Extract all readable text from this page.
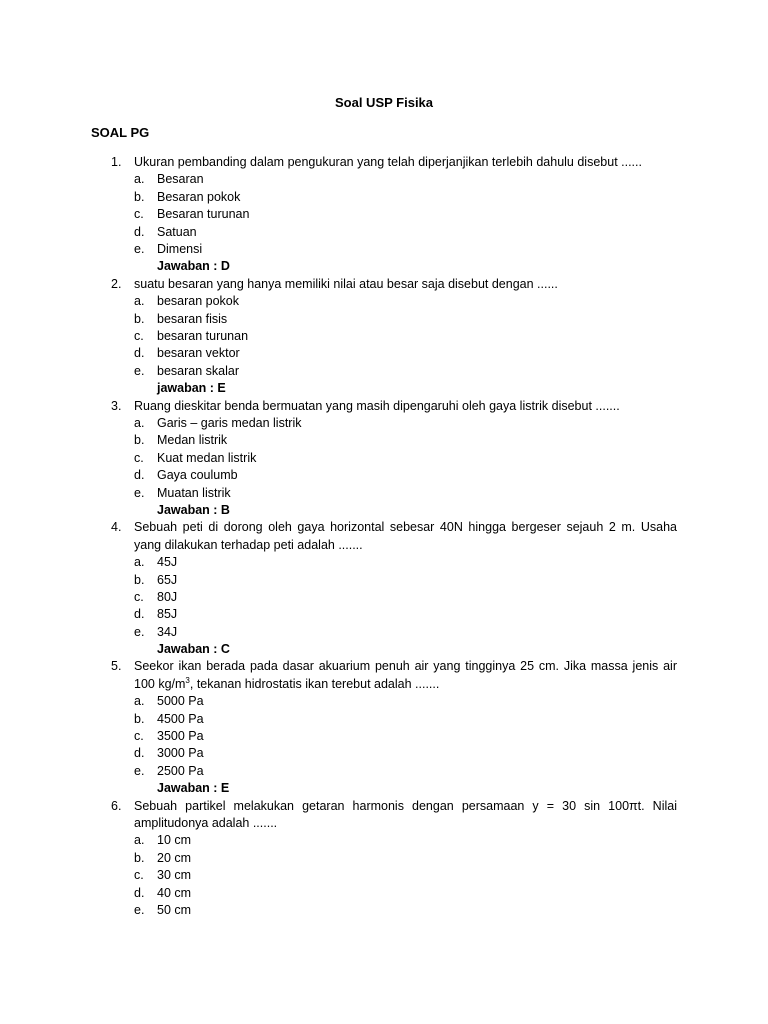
Soal USP Fisika
SOAL PG
1. Ukuran pembanding dalam pengukuran yang telah diperjanjikan terlebih dahulu disebut ......
a. Besaran
b. Besaran pokok
c. Besaran turunan
d. Satuan
e. Dimensi
Jawaban : D
2. suatu besaran yang hanya memiliki nilai atau besar saja disebut dengan ......
a. besaran pokok
b. besaran fisis
c. besaran turunan
d. besaran vektor
e. besaran skalar
jawaban : E
3. Ruang dieskitar benda bermuatan yang masih dipengaruhi oleh gaya listrik disebut .......
a. Garis – garis medan listrik
b. Medan listrik
c. Kuat medan listrik
d. Gaya coulumb
e. Muatan listrik
Jawaban : B
4. Sebuah peti di dorong oleh gaya horizontal sebesar 40N hingga bergeser sejauh 2 m. Usaha yang dilakukan terhadap peti adalah .......
a. 45J
b. 65J
c. 80J
d. 85J
e. 34J
Jawaban : C
5. Seekor ikan berada pada dasar akuarium penuh air yang tingginya 25 cm. Jika massa jenis air 100 $kg/m^3$, tekanan hidrostatis ikan terebut adalah .......
a. 5000 Pa
b. 4500 Pa
c. 3500 Pa
d. 3000 Pa
e. 2500 Pa
Jawaban : E
6. Sebuah partikel melakukan getaran harmonis dengan persamaan y = 30 sin 100πt. Nilai amplitudonya adalah .......
a. 10 cm
b. 20 cm
c. 30 cm
d. 40 cm
e. 50 cm
